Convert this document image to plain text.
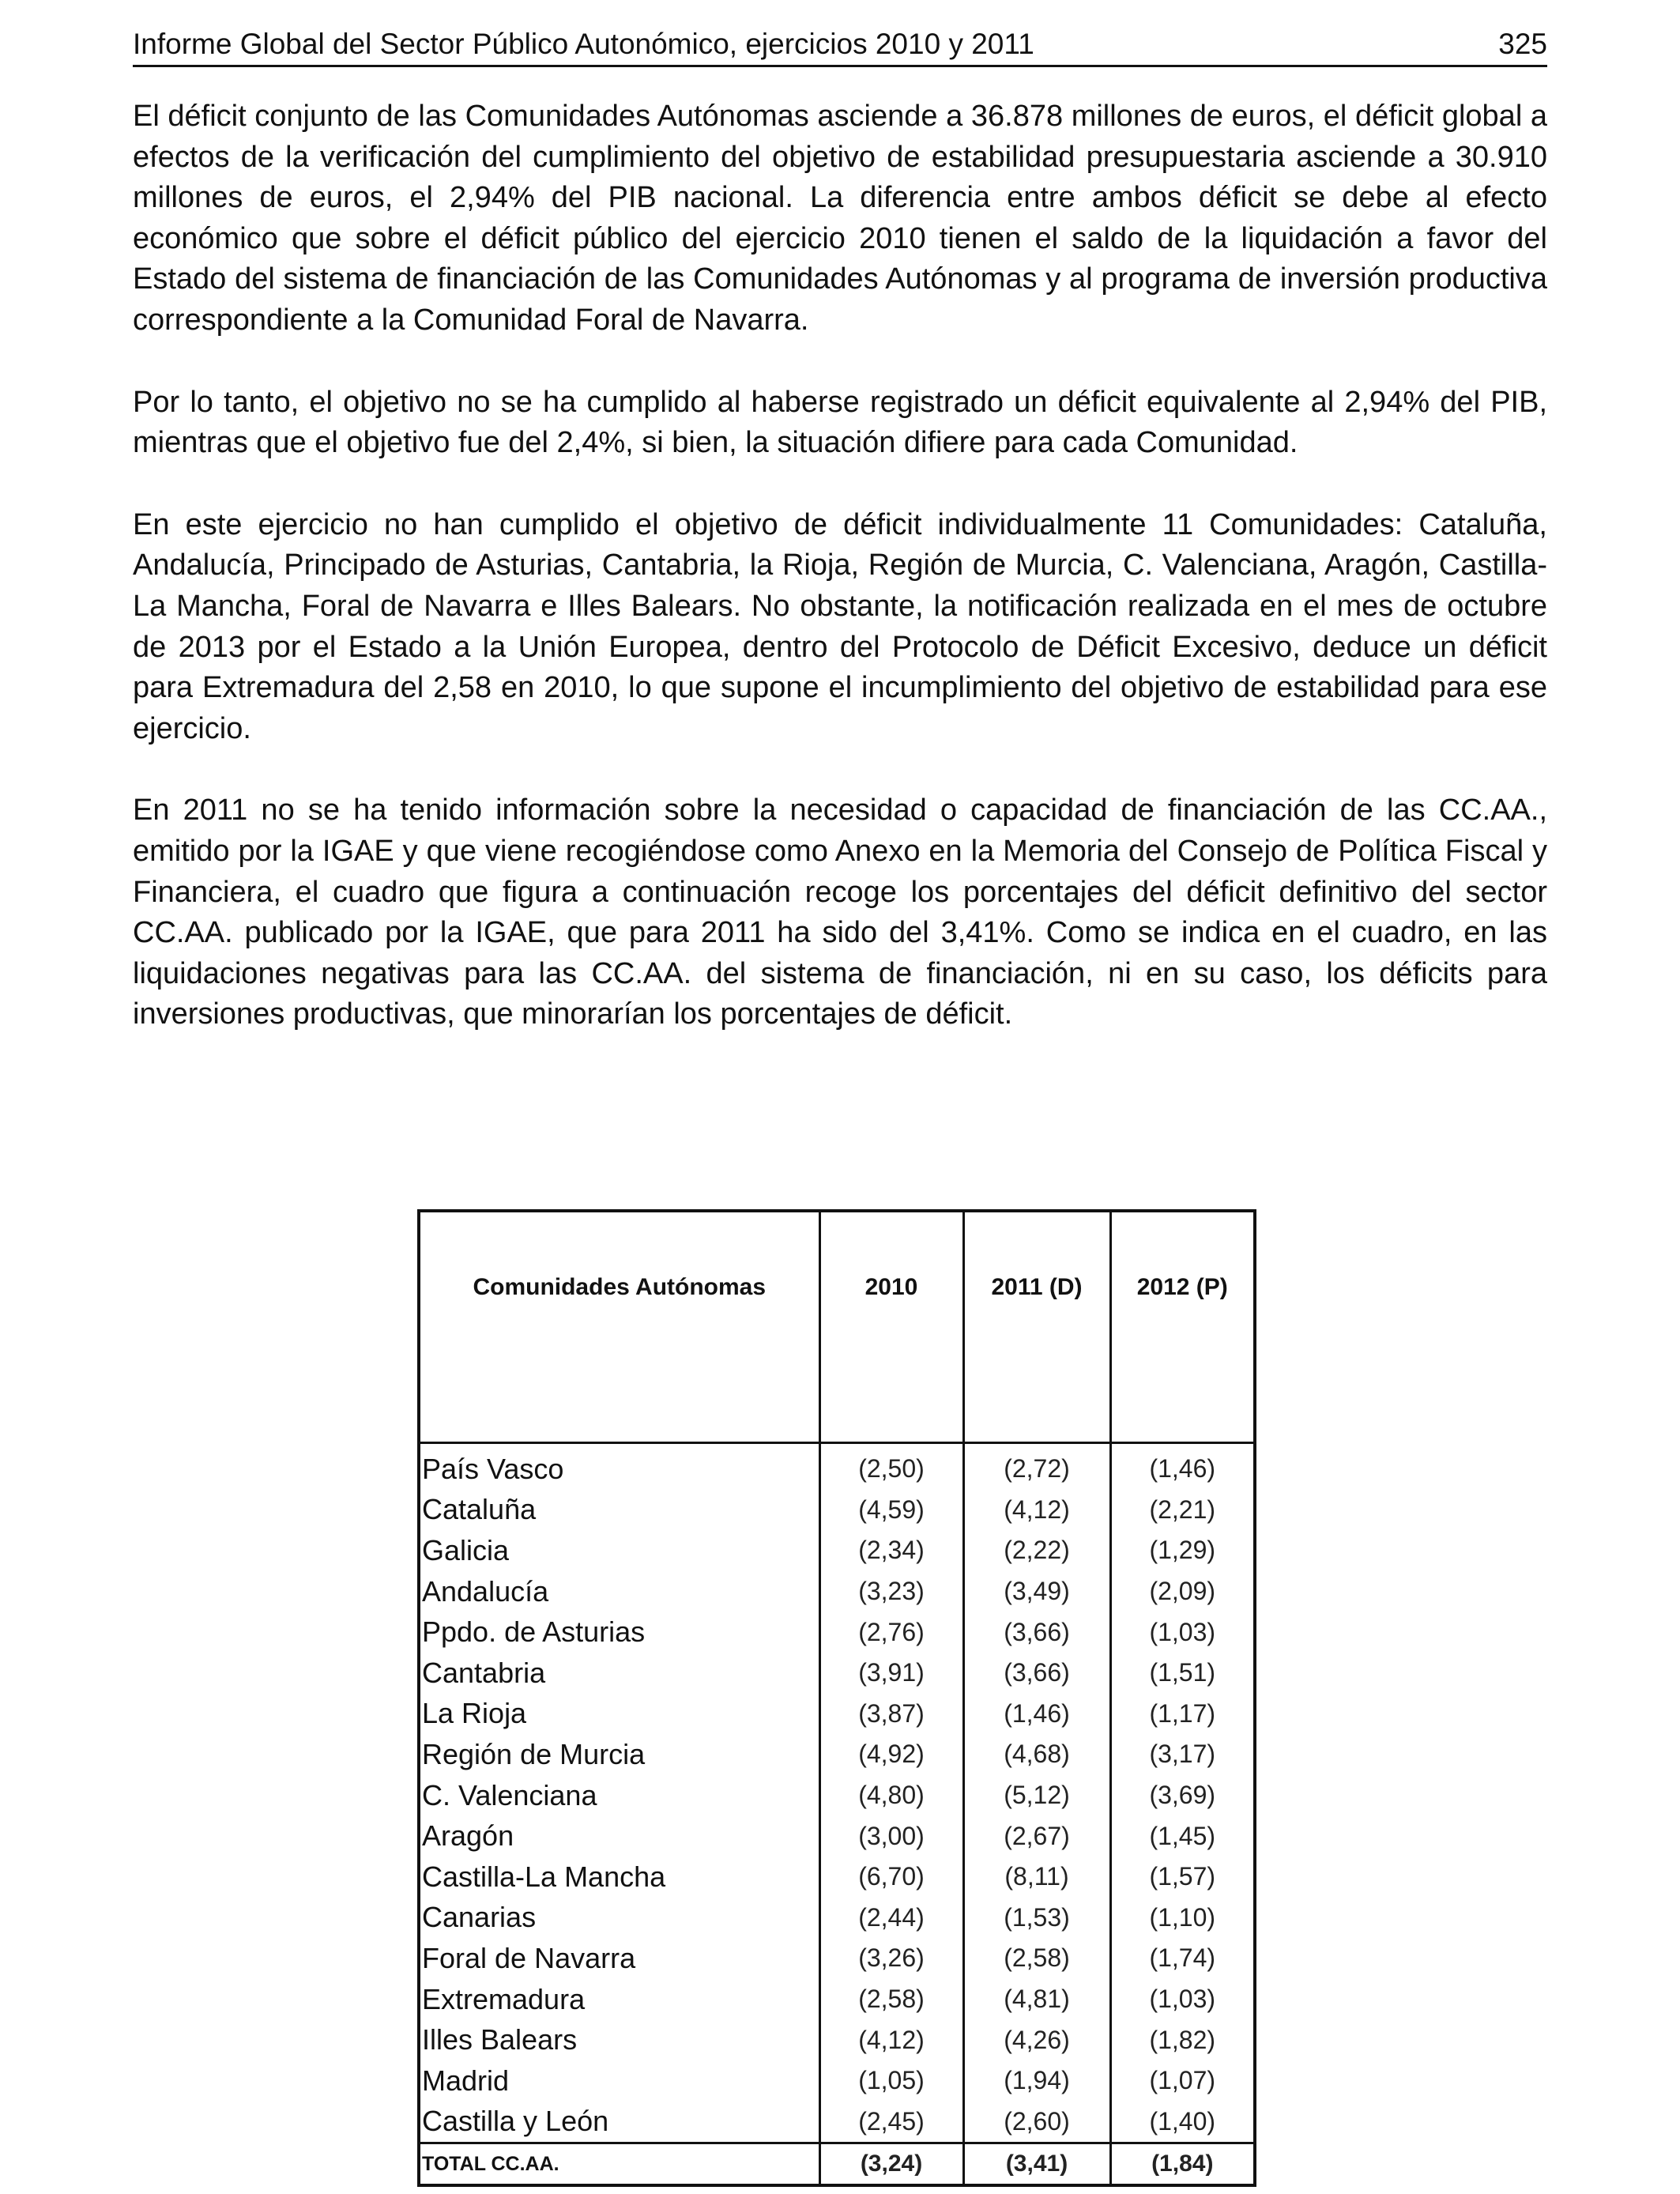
Informe Global del Sector Público Autonómico, ejercicios 2010 y 2011	325

El déficit conjunto de las Comunidades Autónomas asciende a 36.878 millones de euros, el déficit global a efectos de la verificación del cumplimiento del objetivo de estabilidad presupuestaria asciende a 30.910 millones de euros, el 2,94% del PIB nacional. La diferencia entre ambos déficit se debe al efecto económico que sobre el déficit público del ejercicio 2010 tienen el saldo de la liquidación a favor del Estado del sistema de financiación de las Comunidades Autónomas y al programa de inversión productiva correspondiente a la Comunidad Foral de Navarra.

Por lo tanto, el objetivo no se ha cumplido al haberse registrado un déficit equivalente al 2,94% del PIB, mientras que el objetivo fue del 2,4%, si bien, la situación difiere para cada Comunidad.

En este ejercicio no han cumplido el objetivo de déficit individualmente 11 Comunidades: Cataluña, Andalucía, Principado de Asturias, Cantabria, la Rioja, Región de Murcia, C. Valenciana, Aragón, Castilla-La Mancha, Foral de Navarra e Illes Balears. No obstante, la notificación realizada en el mes de octubre de 2013 por el Estado a la Unión Europea, dentro del Protocolo de Déficit Excesivo, deduce un déficit para Extremadura del 2,58 en 2010, lo que supone el incumplimiento del objetivo de estabilidad para ese ejercicio.

En 2011 no se ha tenido información sobre la necesidad o capacidad de financiación de las CC.AA., emitido por la IGAE y que viene recogiéndose como Anexo en la Memoria del Consejo de Política Fiscal y Financiera, el cuadro que figura a continuación recoge los porcentajes del déficit definitivo del sector CC.AA. publicado por la IGAE, que para 2011 ha sido del 3,41%. Como se indica en el cuadro, en las liquidaciones negativas para las CC.AA. del sistema de financiación, ni en su caso, los déficits para inversiones productivas, que minorarían los porcentajes de déficit.

Comunidades Autónomas	2010	2011 (D)	2012 (P)
País Vasco	(2,50)	(2,72)	(1,46)
Cataluña	(4,59)	(4,12)	(2,21)
Galicia	(2,34)	(2,22)	(1,29)
Andalucía	(3,23)	(3,49)	(2,09)
Ppdo. de Asturias	(2,76)	(3,66)	(1,03)
Cantabria	(3,91)	(3,66)	(1,51)
La Rioja	(3,87)	(1,46)	(1,17)
Región de Murcia	(4,92)	(4,68)	(3,17)
C. Valenciana	(4,80)	(5,12)	(3,69)
Aragón	(3,00)	(2,67)	(1,45)
Castilla-La Mancha	(6,70)	(8,11)	(1,57)
Canarias	(2,44)	(1,53)	(1,10)
Foral de Navarra	(3,26)	(2,58)	(1,74)
Extremadura	(2,58)	(4,81)	(1,03)
Illes Balears	(4,12)	(4,26)	(1,82)
Madrid	(1,05)	(1,94)	(1,07)
Castilla y León	(2,45)	(2,60)	(1,40)
TOTAL CC.AA.	(3,24)	(3,41)	(1,84)
